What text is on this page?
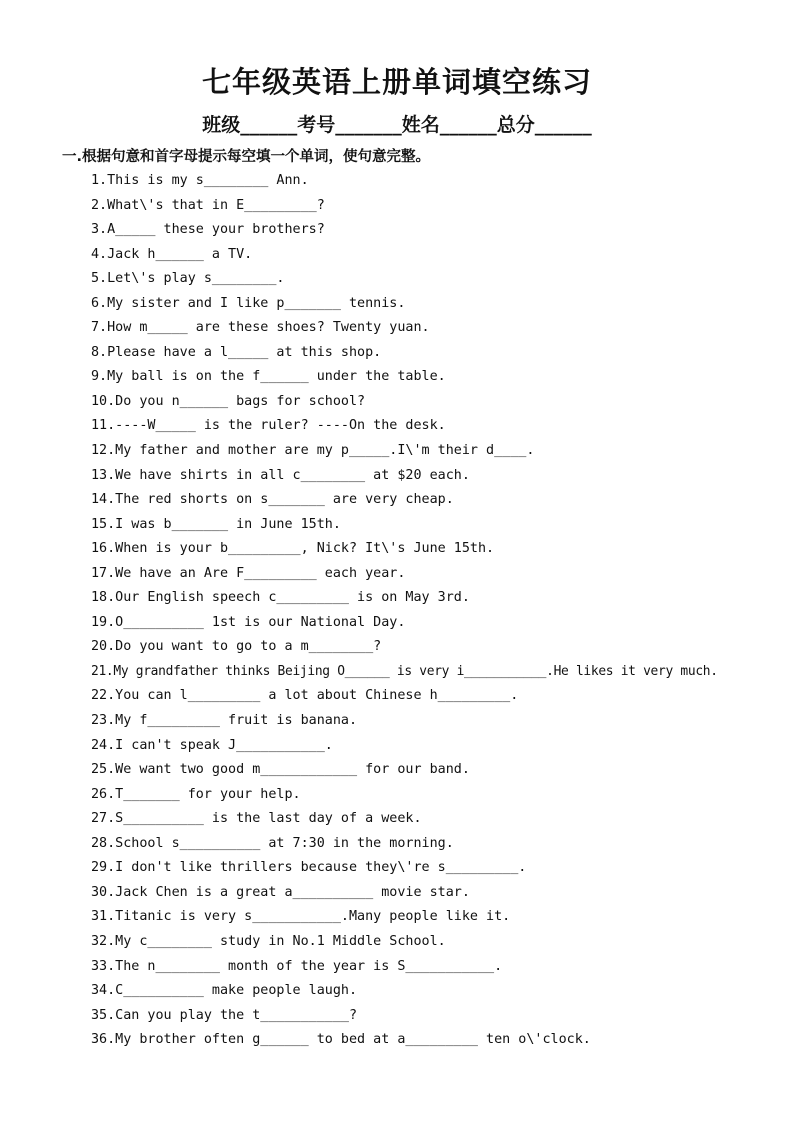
七年级英语上册单词填空练习
班级______考号_______姓名______总分______
一.根据句意和首字母提示每空填一个单词，使句意完整。
1.This is my s________ Ann.
2.What\'s that in E_________?
3.A_____ these your brothers?
4.Jack h______ a TV.
5.Let\'s play s________.
6.My sister and I like p_______ tennis.
7.How m_____ are these shoes? Twenty yuan.
8.Please have a l_____ at this shop.
9.My ball is on the f______ under the table.
10.Do you n______ bags for school?
11.----W_____ is the ruler? ----On the desk.
12.My father and mother are my p_____.I\'m their d____.
13.We have shirts in all c________ at $20 each.
14.The red shorts on s_______ are very cheap.
15.I was b_______ in June 15th.
16.When is your b_________, Nick? It\'s June 15th.
17.We have an Are F_________ each year.
18.Our English speech c_________ is on May 3rd.
19.O__________ 1st is our National Day.
20.Do you want to go to a m________?
21.My grandfather thinks Beijing O______ is very i___________.He likes it very much.
22.You can l_________ a lot about Chinese h_________.
23.My f_________ fruit is banana.
24.I can't speak J___________.
25.We want two good m____________ for our band.
26.T_______ for your help.
27.S__________ is the last day of a week.
28.School s__________ at 7:30 in the morning.
29.I don't like thrillers because they\'re s_________.
30.Jack Chen is a great a__________ movie star.
31.Titanic is very s___________.Many people like it.
32.My c________ study in No.1 Middle School.
33.The n________ month of the year is S___________.
34.C__________ make people laugh.
35.Can you play the t___________?
36.My brother often g______ to bed at a_________ ten o\'clock.
